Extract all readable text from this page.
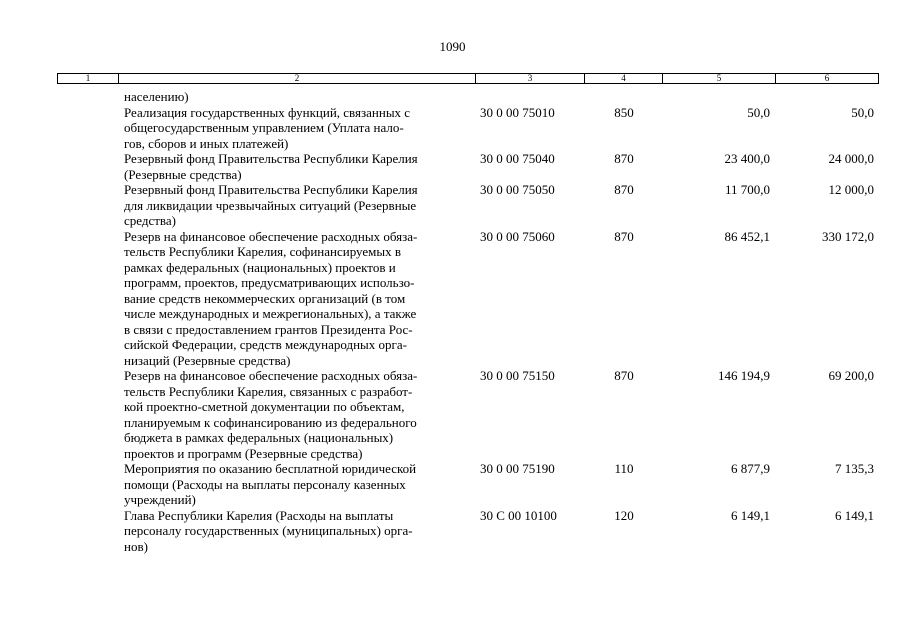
1090
1	2	3	4	5	6
населению)
Реализация государственных функций, связанных с
общегосударственным управлением (Уплата нало-
гов, сборов и иных платежей)
30 0 00 75010	850	50,0	50,0
Резервный фонд Правительства Республики Карелия
(Резервные средства)
30 0 00 75040	870	23 400,0	24 000,0
Резервный фонд Правительства Республики Карелия
для ликвидации чрезвычайных ситуаций (Резервные
средства)
30 0 00 75050	870	11 700,0	12 000,0
Резерв на финансовое обеспечение расходных обяза-
тельств Республики Карелия, софинансируемых в
рамках федеральных (национальных) проектов и
программ, проектов, предусматривающих использо-
вание средств некоммерческих организаций (в том
числе международных и межрегиональных), а также
в связи с предоставлением грантов Президента Рос-
сийской Федерации, средств международных орга-
низаций (Резервные средства)
30 0 00 75060	870	86 452,1	330 172,0
Резерв на финансовое обеспечение расходных обяза-
тельств Республики Карелия, связанных с разработ-
кой проектно-сметной документации по объектам,
планируемым к софинансированию из федерального
бюджета в рамках федеральных (национальных)
проектов и программ (Резервные средства)
30 0 00 75150	870	146 194,9	69 200,0
Мероприятия по оказанию бесплатной юридической
помощи (Расходы на выплаты персоналу казенных
учреждений)
30 0 00 75190	110	6 877,9	7 135,3
Глава Республики Карелия (Расходы на выплаты
персоналу государственных (муниципальных) орга-
нов)
30 С 00 10100	120	6 149,1	6 149,1
